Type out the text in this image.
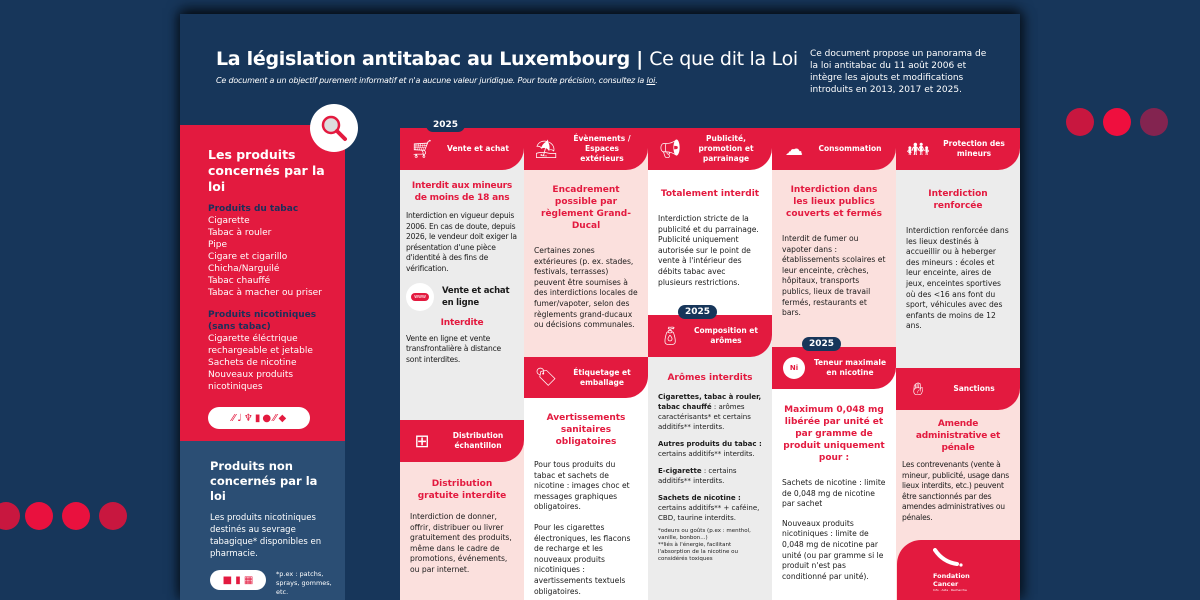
La législation antitabac au Luxembourg | Ce que dit la Loi
Ce document a un objectif purement informatif et n'a aucune valeur juridique. Pour toute précision, consultez la loi.
Ce document propose un panorama de la loi antitabac du 11 août 2006 et intègre les ajouts et modifications introduits en 2013, 2017 et 2025.
Les produits concernés par la loi
Produits du tabac
Cigarette
Tabac à rouler
Pipe
Cigare et cigarillo
Chicha/Narguilé
Tabac chauffé
Tabac à macher ou priser
Produits nicotiniques (sans tabac)
Cigarette éléctrique rechargeable et jetable
Sachets de nicotine
Nouveaux produits nicotiniques
⁄⁄ ♩ ♆ ▮ ● ⁄⁄ ◆
Produits non concernés par la loi
Les produits nicotiniques destinés au sevrage tabagique* disponibles en pharmacie.
■ ▮ ▦
*p.ex : patchs, sprays, gommes, etc.
🛒︎	Vente et achat
2025
Interdit aux mineurs de moins de 18 ans
Interdiction en vigueur depuis 2006. En cas de doute, depuis 2026, le vendeur doit exiger la présentation d'une pièce d'identité à des fins de vérification.
www
Vente et achat en ligne
Interdite
Vente en ligne et vente transfrontalière à distance sont interdites.
⊞	Distribution échantillon
Distribution gratuite interdite
Interdiction de donner, offrir, distribuer ou livrer gratuitement des produits, même dans le cadre de promotions, événements, ou par internet.
⛱︎	Évènements / Espaces extérieurs
Encadrement possible par règlement Grand-Ducal
Certaines zones extérieures (p. ex. stades, festivals, terrasses) peuvent être soumises à des interdictions locales de fumer/vapoter, selon des règlements grand-ducaux ou décisions communales.
🏷︎	Étiquetage et emballage
Avertissements sanitaires obligatoires
Pour tous produits du tabac et sachets de nicotine : images choc et messages graphiques obligatoires.
Pour les cigarettes électroniques, les flacons de recharge et les nouveaux produits nicotiniques : avertissements textuels obligatoires.
📢︎	Publicité, promotion et parrainage
Totalement interdit
Interdiction stricte de la publicité et du parrainage. Publicité uniquement autorisée sur le point de vente à l'intérieur des débits tabac avec plusieurs restrictions.
🧴︎	Composition et arômes
2025
Arômes interdits
Cigarettes, tabac à rouler, tabac chauffé : arômes caractérisants* et certains additifs** interdits.
Autres produits du tabac : certains additifs** interdits.
E-cigarette : certains additifs** interdits.
Sachets de nicotine : certains additifs** + caféine, CBD, taurine interdits.
*odeurs ou goûts (p.ex : menthol, vanille, bonbon...)
**liés à l'énergie, facilitant l'absorption de la nicotine ou considérés toxiques
☁︎	Consommation
Interdiction dans les lieux publics couverts et fermés
Interdit de fumer ou vapoter dans : établissements scolaires et leur enceinte, crèches, hôpitaux, transports publics, lieux de travail fermés, restaurants et bars.
Ni
Teneur maximale en nicotine
2025
Maximum 0,048 mg libérée par unité et par gramme de produit uniquement pour :
Sachets de nicotine : limite de 0,048 mg de nicotine par sachet
Nouveaux produits nicotiniques : limite de 0,048 mg de nicotine par unité (ou par gramme si le produit n'est pas conditionné par unité).
👪︎	Protection des mineurs
Interdiction renforcée
Interdiction renforcée dans les lieux destinés à accueillir ou à heberger des mineurs : écoles et leur enceinte, aires de jeux, enceintes sportives où des <16 ans font du sport, véhicules avec des enfants de moins de 12 ans.
✋︎	Sanctions
Amende administrative et pénale
Les contrevenants (vente à mineur, publicité, usage dans lieux interdits, etc.) peuvent être sanctionnés par des amendes administratives ou pénales.
Fondation Cancer
Info · Aide · Recherche
